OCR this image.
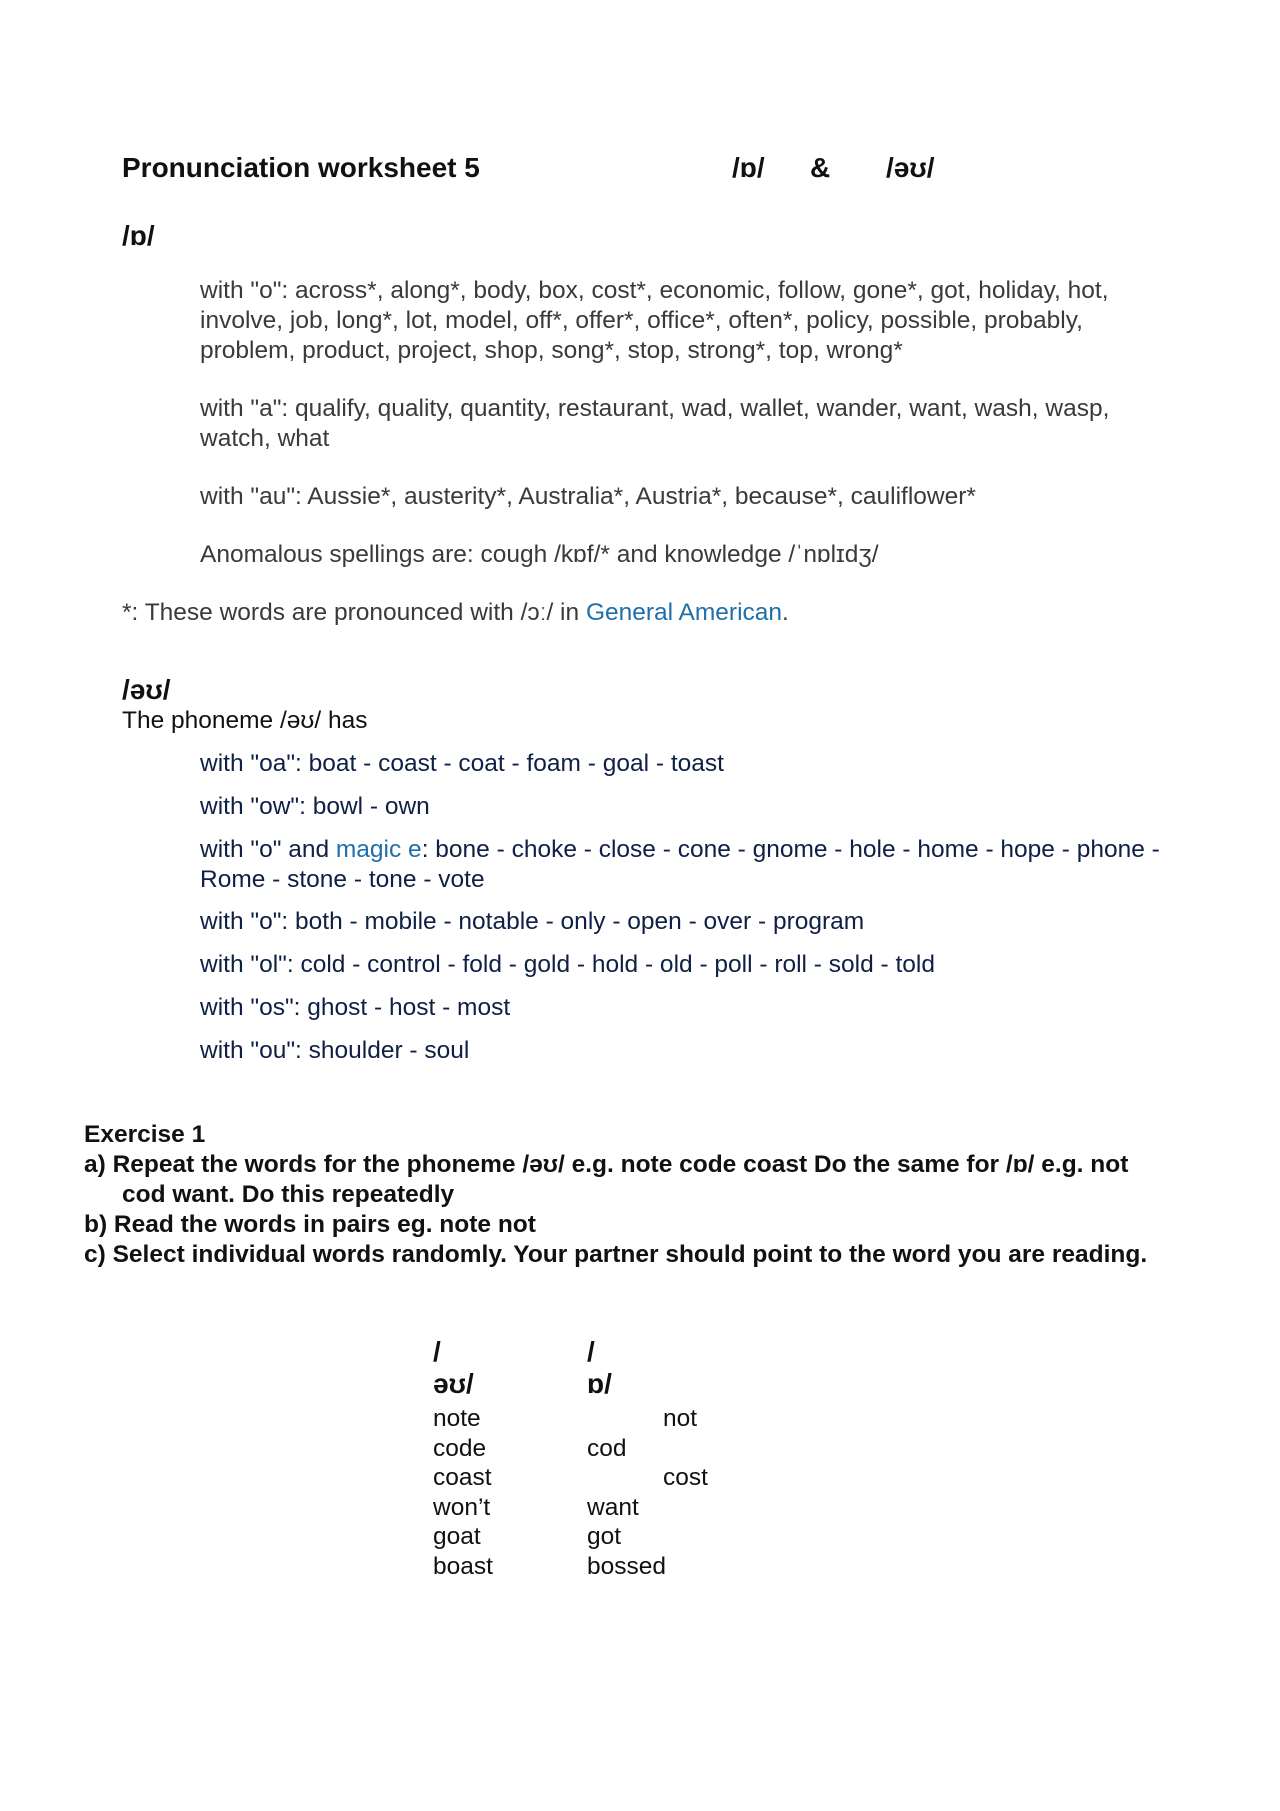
Pronunciation worksheet 5	/ɒ/ & /əʊ/
/ɒ/
with "o": across*, along*, body, box, cost*, economic, follow, gone*, got, holiday, hot, involve, job, long*, lot, model, off*, offer*, office*, often*, policy, possible, probably, problem, product, project, shop, song*, stop, strong*, top, wrong*
with "a": qualify, quality, quantity, restaurant, wad, wallet, wander, want, wash, wasp, watch, what
with "au": Aussie*, austerity*, Australia*, Austria*, because*, cauliflower*
Anomalous spellings are: cough /kɒf/* and knowledge /ˈnɒlɪdʒ/
*: These words are pronounced with /ɔː/ in General American.
/əʊ/
The phoneme /əʊ/ has
with "oa": boat - coast - coat - foam - goal - toast
with "ow": bowl - own
with "o" and magic e: bone - choke - close - cone - gnome - hole - home - hope - phone - Rome - stone - tone - vote
with "o": both - mobile - notable - only - open - over - program
with "ol": cold - control - fold - gold - hold - old - poll - roll - sold - told
with "os": ghost - host - most
with "ou": shoulder - soul
Exercise 1
a) Repeat the words for the phoneme /əʊ/ e.g. note code coast Do the same for /ɒ/ e.g. not cod want. Do this repeatedly
b) Read the words in pairs eg. note not
c) Select individual words randomly. Your partner should point to the word you are reading.
/əʊ/
/ɒ/
note
code
coast
won’t
goat
boast
not
cod
cost
want
got
bossed
